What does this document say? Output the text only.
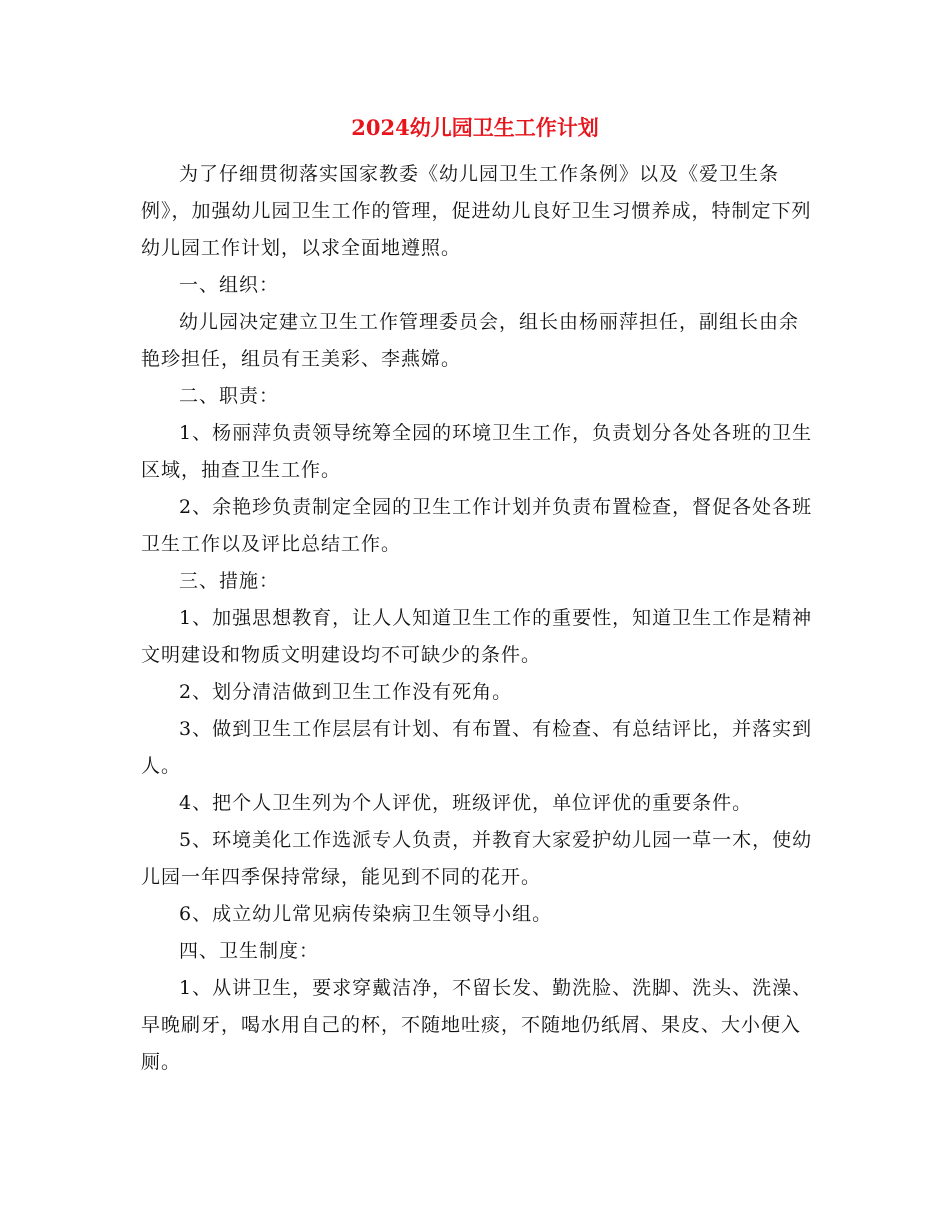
2024幼儿园卫生工作计划

为了仔细贯彻落实国家教委《幼儿园卫生工作条例》以及《爱卫生条例》，加强幼儿园卫生工作的管理，促进幼儿良好卫生习惯养成，特制定下列幼儿园工作计划，以求全面地遵照。

一、组织：

幼儿园决定建立卫生工作管理委员会，组长由杨丽萍担任，副组长由余艳珍担任，组员有王美彩、李燕嫦。

二、职责：

1、杨丽萍负责领导统筹全园的环境卫生工作，负责划分各处各班的卫生区域，抽查卫生工作。

2、余艳珍负责制定全园的卫生工作计划并负责布置检查，督促各处各班卫生工作以及评比总结工作。

三、措施：

1、加强思想教育，让人人知道卫生工作的重要性，知道卫生工作是精神文明建设和物质文明建设均不可缺少的条件。

2、划分清洁做到卫生工作没有死角。

3、做到卫生工作层层有计划、有布置、有检查、有总结评比，并落实到人。

4、把个人卫生列为个人评优，班级评优，单位评优的重要条件。

5、环境美化工作选派专人负责，并教育大家爱护幼儿园一草一木，使幼儿园一年四季保持常绿，能见到不同的花开。

6、成立幼儿常见病传染病卫生领导小组。

四、卫生制度：

1、从讲卫生，要求穿戴洁净，不留长发、勤洗脸、洗脚、洗头、洗澡、早晚刷牙，喝水用自己的杯，不随地吐痰，不随地仍纸屑、果皮、大小便入厕。
